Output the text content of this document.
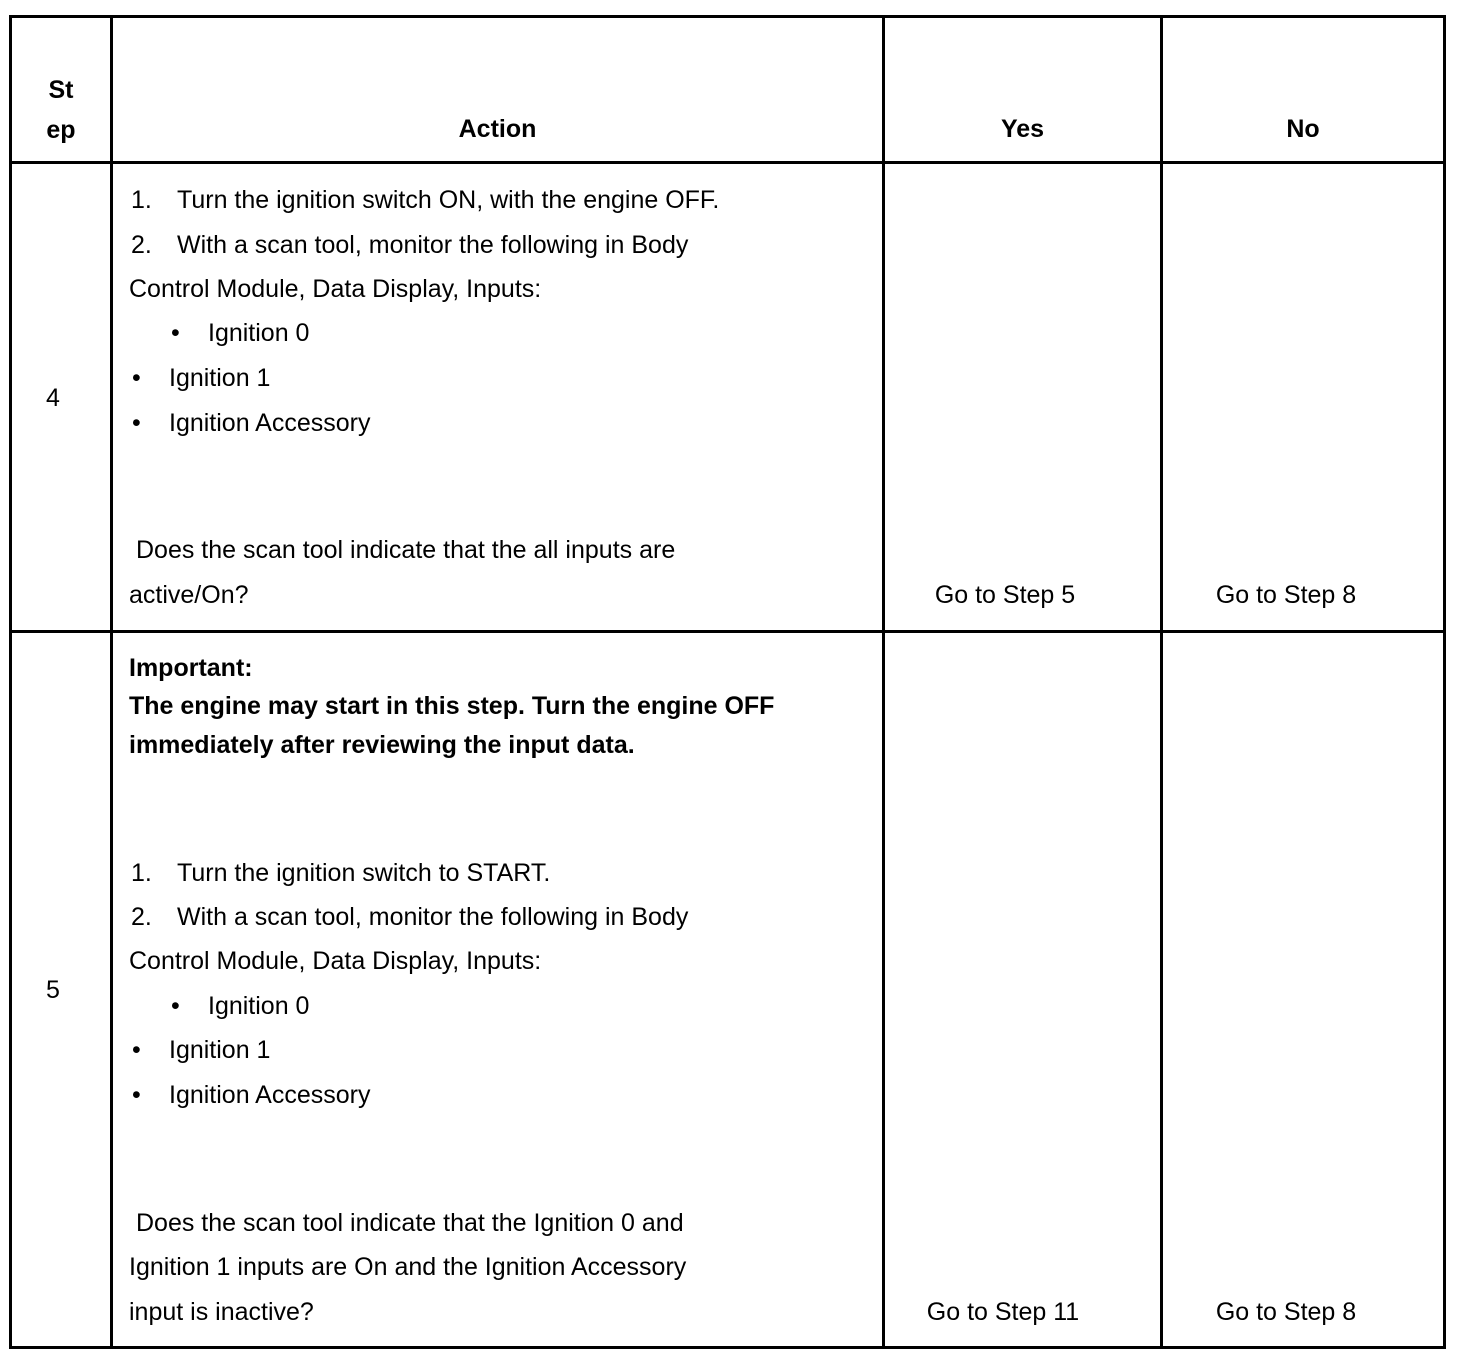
St
ep	Action	Yes	No
4
1. Turn the ignition switch ON, with the engine OFF.
2. With a scan tool, monitor the following in Body
Control Module, Data Display, Inputs:
• Ignition 0
• Ignition 1
• Ignition Accessory
Does the scan tool indicate that the all inputs are
active/On?	Go to Step 5	Go to Step 8
5
Important:
The engine may start in this step. Turn the engine OFF
immediately after reviewing the input data.
1. Turn the ignition switch to START.
2. With a scan tool, monitor the following in Body
Control Module, Data Display, Inputs:
• Ignition 0
• Ignition 1
• Ignition Accessory
Does the scan tool indicate that the Ignition 0 and
Ignition 1 inputs are On and the Ignition Accessory
input is inactive?	Go to Step 11	Go to Step 8
